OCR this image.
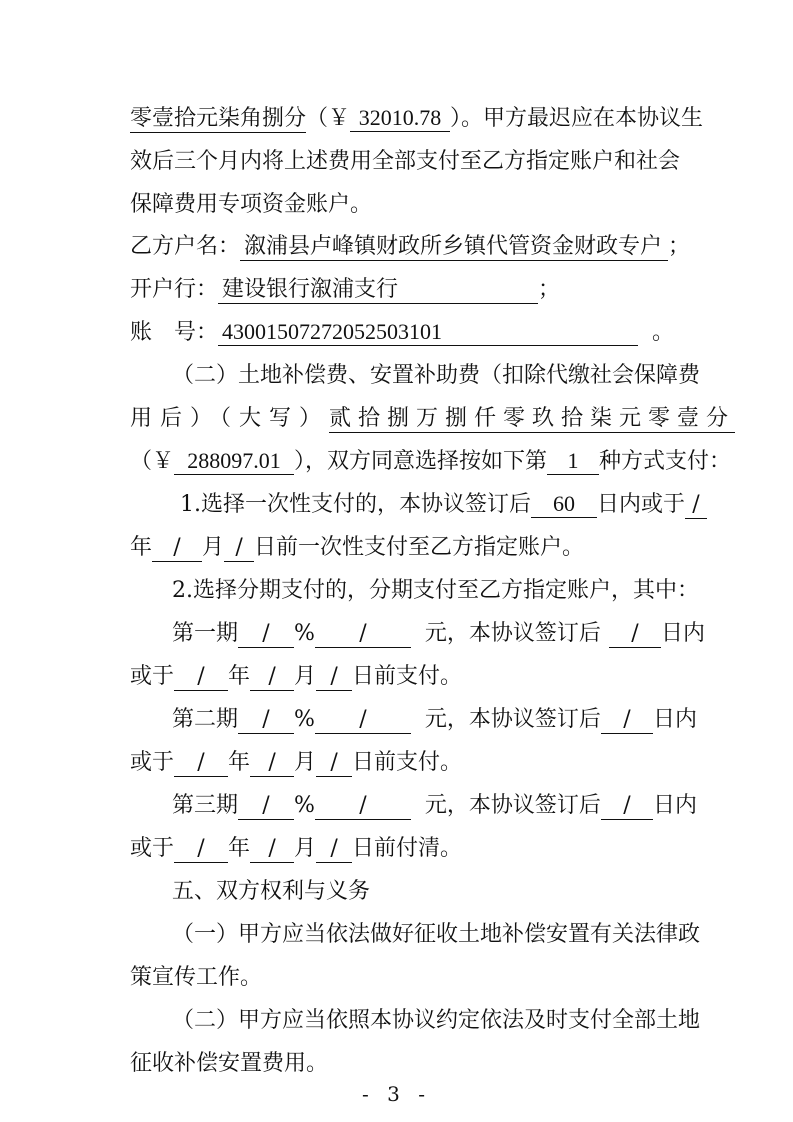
零壹拾元柒角捌分（￥ 32010.78 ）。甲方最迟应在本协议生
效后三个月内将上述费用全部支付至乙方指定账户和社会
保障费用专项资金账户。
乙方户名： 溆浦县卢峰镇财政所乡镇代管资金财政专户 ；
开户行： 建设银行溆浦支行	；
账　号： 43001507272052503101	。
（二）土地补偿费、安置补助费（扣除代缴社会保障费
用后）（大写）贰拾捌万捌仟零玖拾柒元零壹分
（￥ 288097.01 ），双方同意选择按如下第 1 种方式支付：
1.选择一次性支付的，本协议签订后 60 日内或于 /
年 / 月 / 日前一次性支付至乙方指定账户。
2.选择分期支付的，分期支付至乙方指定账户，其中：
第一期 / % /	元，本协议签订后 / 日内
或于 / 年 / 月 / 日前支付。
第二期 / % /	元，本协议签订后 / 日内
或于 / 年 / 月 / 日前支付。
第三期 / % /	元，本协议签订后 / 日内
或于 / 年 / 月 / 日前付清。
五、双方权利与义务
（一）甲方应当依法做好征收土地补偿安置有关法律政
策宣传工作。
（二）甲方应当依照本协议约定依法及时支付全部土地
征收补偿安置费用。
- 3 -
